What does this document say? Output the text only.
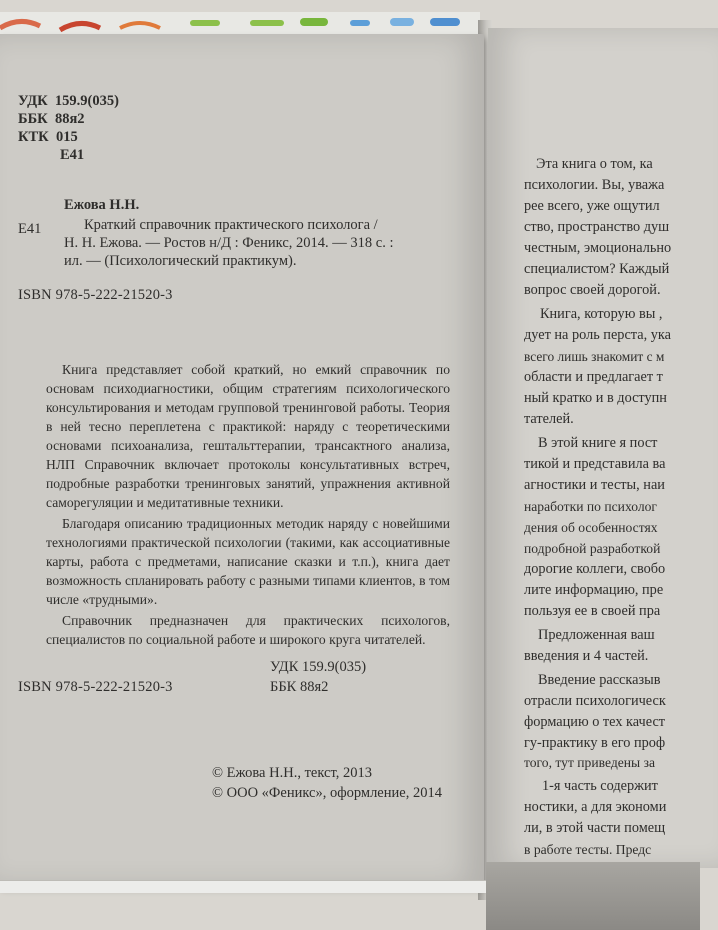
УДК 159.9(035)
ББК 88я2
КТК 015
Е41
Ежова Н.Н.
Е41	Краткий справочник практического психолога /
Н. Н. Ежова. — Ростов н/Д : Феникс, 2014. — 318 с. :
ил. — (Психологический практикум).
ISBN 978-5-222-21520-3

Книга представляет собой краткий, но емкий справочник по основам психодиагностики, общим стратегиям психологического консультирования и методам групповой тренинговой работы. Теория в ней тесно переплетена с практикой: наряду с теоретическими основами психоанализа, гештальттерапии, трансактного анализа, НЛП Справочник включает протоколы консультативных встреч, подробные разработки тренинговых занятий, упражнения активной саморегуляции и медитативные техники.

Благодаря описанию традиционных методик наряду с новейшими технологиями практической психологии (такими, как ассоциативные карты, работа с предметами, написание сказки и т.п.), книга дает возможность спланировать работу с разными типами клиентов, в том числе «трудными».

Справочник предназначен для практических психологов, специалистов по социальной работе и широкого круга читателей.

УДК 159.9(035)
ISBN 978-5-222-21520-3	ББК 88я2
© Ежова Н.Н., текст, 2013
© ООО «Феникс», оформление, 2014
Эта книга о том, ка
психологии. Вы, уважа
рее всего, уже ощутил
ство, пространство душ
честным, эмоционально
специалистом? Каждый
вопрос своей дорогой.
Книга, которую вы ,
дует на роль перста, ука
всего лишь знакомит с м
области и предлагает т
ный кратко и в доступн
тателей.
В этой книге я пост
тикой и представила ва
агностики и тесты, наи
наработки по психолог
дения об особенностях
подробной разработкой
дорогие коллеги, свобо
лите информацию, пре
пользуя ее в своей пра
Предложенная ваш
введения и 4 частей.
Введение рассказыв
отрасли психологическ
формацию о тех качест
гу-практику в его проф
того, тут приведены за
1-я часть содержит
ностики, а для экономи
ли, в этой части помещ
в работе тесты. Предс
